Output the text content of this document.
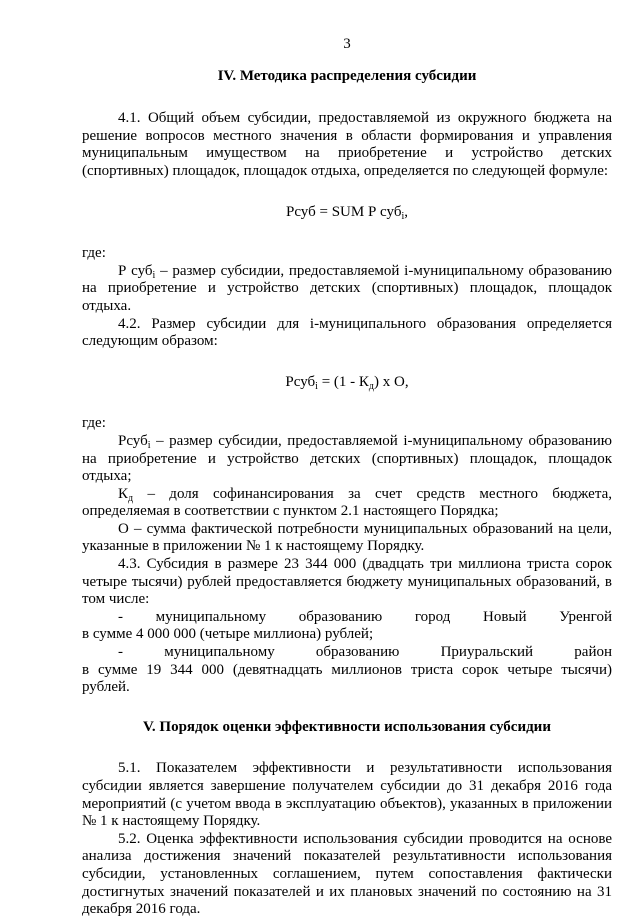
3
IV. Методика распределения субсидии

4.1. Общий объем субсидии, предоставляемой из окружного бюджета на решение вопросов местного значения в области формирования и управления муниципальным имуществом на приобретение и устройство детских (спортивных) площадок, площадок отдыха, определяется по следующей формуле:

Рсуб = SUM Р суб$_i$,

где:

Р суб$_i$ – размер субсидии, предоставляемой i-муниципальному образованию на приобретение и устройство детских (спортивных) площадок, площадок отдыха.

4.2. Размер субсидии для i-муниципального образования определяется следующим образом:

Рсуб$_i$ = $(1 - К_д)$ х О,

где:

Рсуб$_i$ – размер субсидии, предоставляемой i-муниципальному образованию на приобретение и устройство детских (спортивных) площадок, площадок отдыха;

$К_д$ – доля софинансирования за счет средств местного бюджета, определяемая в соответствии с пунктом 2.1 настоящего Порядка;

О – сумма фактической потребности муниципальных образований на цели, указанные в приложении № 1 к настоящему Порядку.

4.3. Субсидия в размере 23 344 000 (двадцать три миллиона триста сорок четыре тысячи) рублей предоставляется бюджету муниципальных образований, в том числе:

- муниципальному образованию город Новый Уренгой

в сумме 4 000 000 (четыре миллиона) рублей;

- муниципальному образованию Приуральский район

в сумме 19 344 000 (девятнадцать миллионов триста сорок четыре тысячи) рублей.

V. Порядок оценки эффективности использования субсидии

5.1. Показателем эффективности и результативности использования субсидии является завершение получателем субсидии до 31 декабря 2016 года мероприятий (с учетом ввода в эксплуатацию объектов), указанных в приложении № 1 к настоящему Порядку.

5.2. Оценка эффективности использования субсидии проводится на основе анализа достижения значений показателей результативности использования субсидии, установленных соглашением, путем сопоставления фактически достигнутых значений показателей и их плановых значений по состоянию на 31 декабря 2016 года.
